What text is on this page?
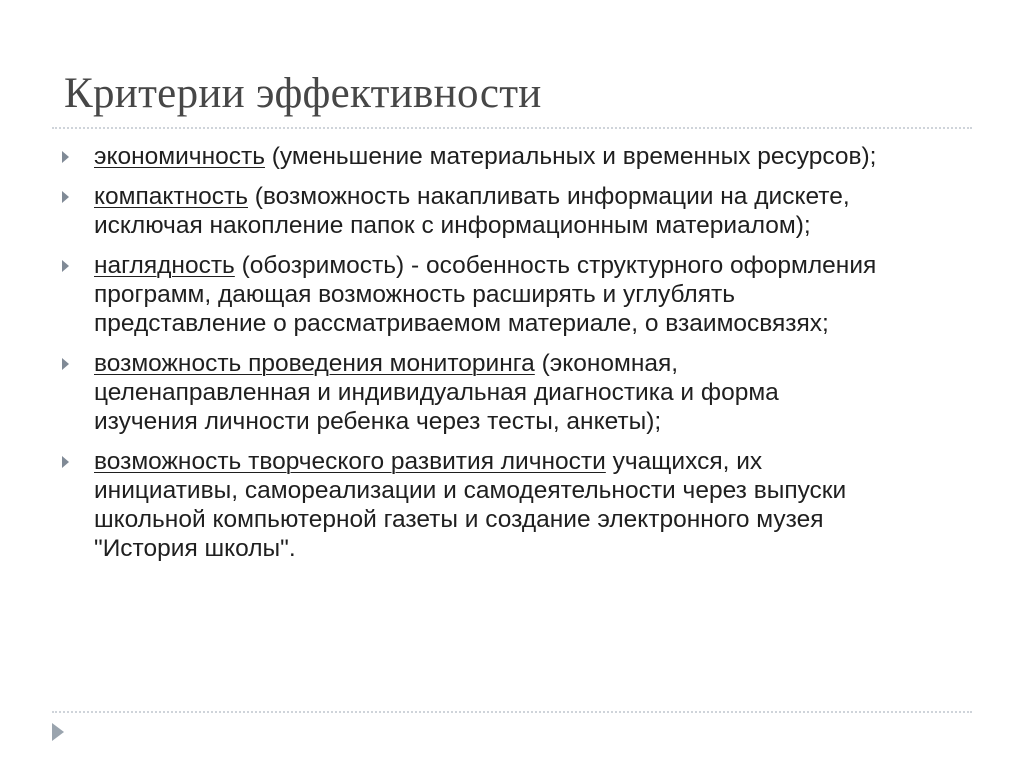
Критерии эффективности
экономичность (уменьшение материальных и временных ресурсов);
компактность (возможность накапливать информации на дискете, исключая накопление папок с информационным материалом);
наглядность (обозримость) - особенность структурного оформления программ, дающая возможность расширять и углублять представление о рассматриваемом материале, о взаимосвязях;
возможность проведения мониторинга (экономная, целенаправленная и индивидуальная диагностика и форма изучения личности ребенка через тесты, анкеты);
возможность творческого развития личности учащихся, их инициативы, самореализации и самодеятельности через выпуски школьной компьютерной газеты и создание электронного музея "История школы".
